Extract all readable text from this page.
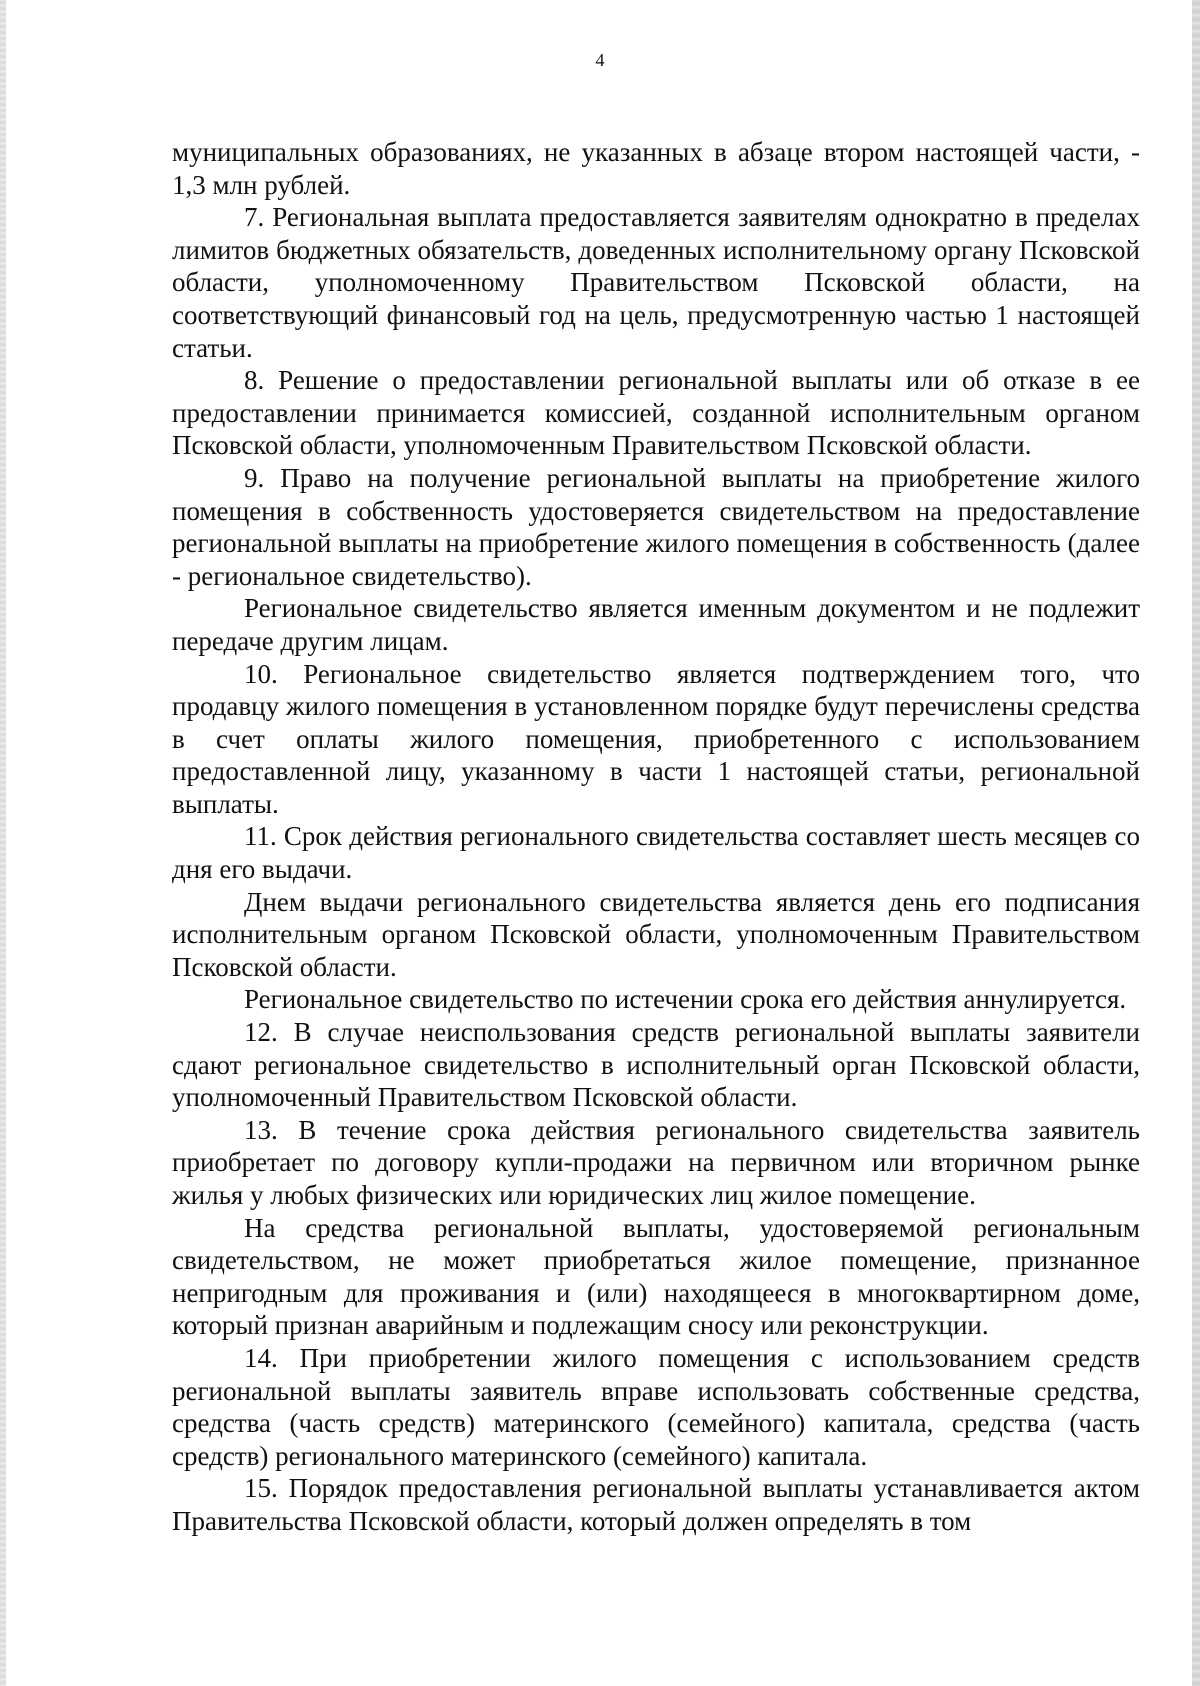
4

муниципальных образованиях, не указанных в абзаце втором настоящей части, - 1,3 млн рублей.

7. Региональная выплата предоставляется заявителям однократно в пределах лимитов бюджетных обязательств, доведенных исполнительному органу Псковской области, уполномоченному Правительством Псковской области, на соответствующий финансовый год на цель, предусмотренную частью 1 настоящей статьи.

8. Решение о предоставлении региональной выплаты или об отказе в ее предоставлении принимается комиссией, созданной исполнительным органом Псковской области, уполномоченным Правительством Псковской области.

9. Право на получение региональной выплаты на приобретение жилого помещения в собственность удостоверяется свидетельством на предоставление региональной выплаты на приобретение жилого помещения в собственность (далее - региональное свидетельство).

Региональное свидетельство является именным документом и не подлежит передаче другим лицам.

10. Региональное свидетельство является подтверждением того, что продавцу жилого помещения в установленном порядке будут перечислены средства в счет оплаты жилого помещения, приобретенного с использованием предоставленной лицу, указанному в части 1 настоящей статьи, региональной выплаты.

11. Срок действия регионального свидетельства составляет шесть месяцев со дня его выдачи.

Днем выдачи регионального свидетельства является день его подписания исполнительным органом Псковской области, уполномоченным Правительством Псковской области.

Региональное свидетельство по истечении срока его действия аннулируется.

12. В случае неиспользования средств региональной выплаты заявители сдают региональное свидетельство в исполнительный орган Псковской области, уполномоченный Правительством Псковской области.

13. В течение срока действия регионального свидетельства заявитель приобретает по договору купли-продажи на первичном или вторичном рынке жилья у любых физических или юридических лиц жилое помещение.

На средства региональной выплаты, удостоверяемой региональным свидетельством, не может приобретаться жилое помещение, признанное непригодным для проживания и (или) находящееся в многоквартирном доме, который признан аварийным и подлежащим сносу или реконструкции.

14. При приобретении жилого помещения с использованием средств региональной выплаты заявитель вправе использовать собственные средства, средства (часть средств) материнского (семейного) капитала, средства (часть средств) регионального материнского (семейного) капитала.

15. Порядок предоставления региональной выплаты устанавливается актом Правительства Псковской области, который должен определять в том
